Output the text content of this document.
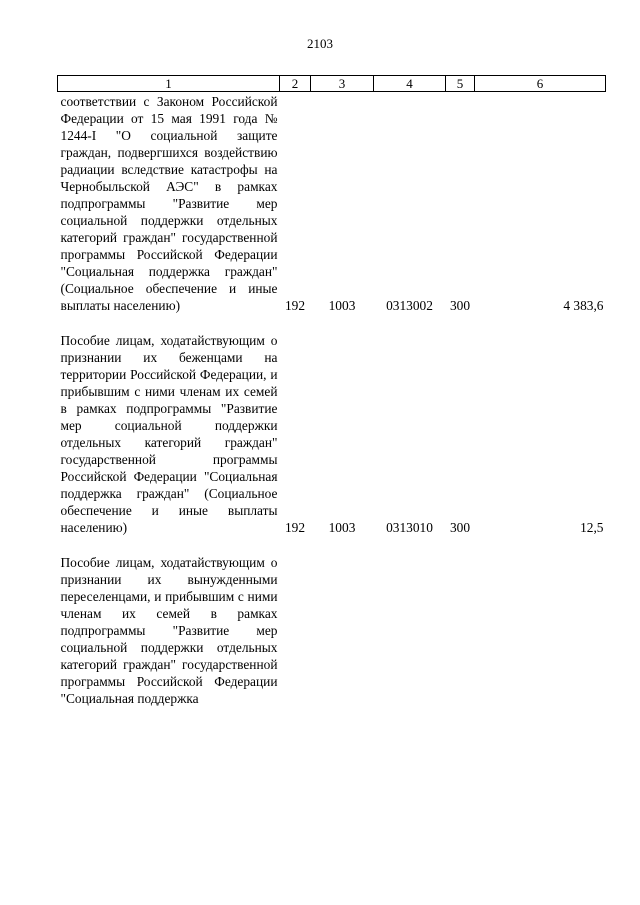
2103
1	2	3	4	5	6

соответствии с Законом Российской Федерации от 15 мая 1991 года № 1244-I "О социальной защите граждан, подвергшихся воздействию радиации вследствие катастрофы на Чернобыльской АЭС" в рамках подпрограммы "Развитие мер социальной поддержки отдельных категорий граждан" государственной программы Российской Федерации "Социальная поддержка граждан" (Социальное обеспечение и иные выплаты населению)	192	1003	0313002	300	4 383,6

Пособие лицам, ходатайствующим о признании их беженцами на территории Российской Федерации, и прибывшим с ними членам их семей в рамках подпрограммы "Развитие мер социальной поддержки отдельных категорий граждан" государственной программы Российской Федерации "Социальная поддержка граждан" (Социальное обеспечение и иные выплаты населению)	192	1003	0313010	300	12,5

Пособие лицам, ходатайствующим о признании их вынужденными переселенцами, и прибывшим с ними членам их семей в рамках подпрограммы "Развитие мер социальной поддержки отдельных категорий граждан" государственной программы Российской Федерации "Социальная поддержка					
